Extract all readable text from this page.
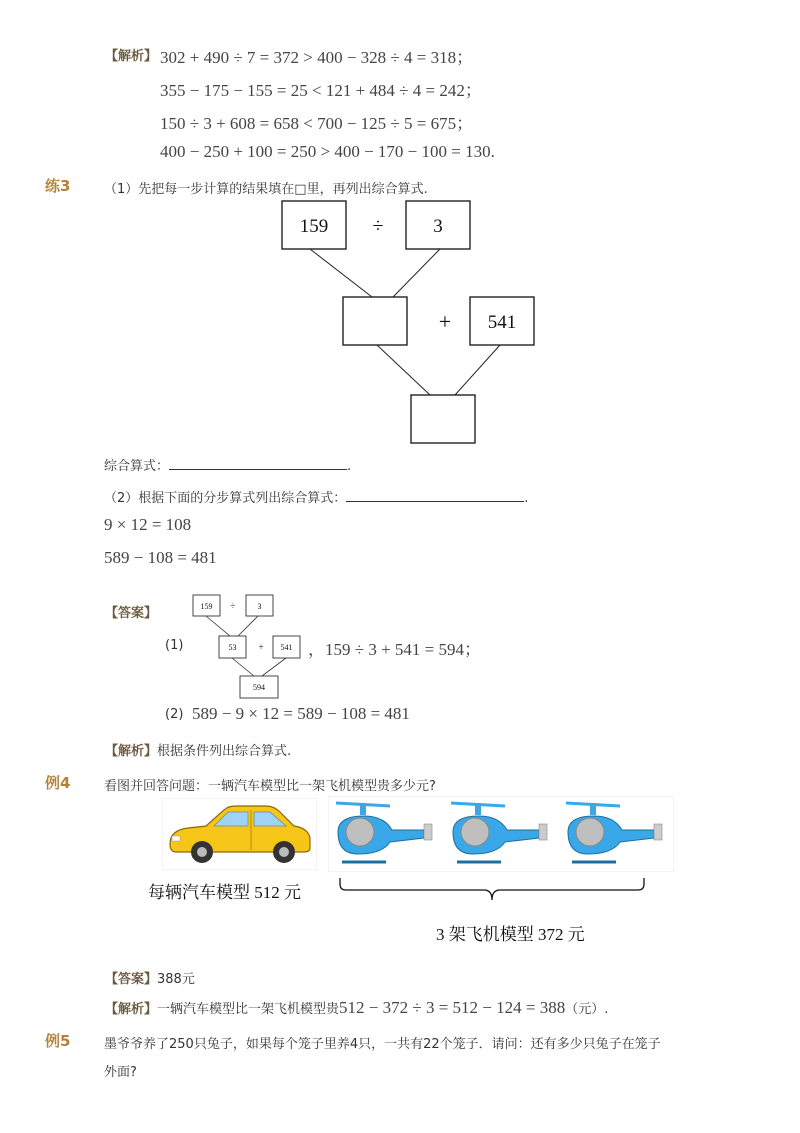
【解析】 302 + 490 ÷ 7 = 372 > 400 − 328 ÷ 4 = 318；
355 − 175 − 155 = 25 < 121 + 484 ÷ 4 = 242；
150 ÷ 3 + 608 = 658 < 700 − 125 ÷ 5 = 675；
400 − 250 + 100 = 250 > 400 − 170 − 100 = 130.
练3	（1）先把每一步计算的结果填在□里，再列出综合算式.
159 ÷	3
+ 541
综合算式：	.
（2）根据下面的分步算式列出综合算式：	.
9 × 12 = 108
589 − 108 = 481
【答案】	159 ÷	3
53 + 541
594
(1)	，159 ÷ 3 + 541 = 594；
(2) 589 − 9 × 12 = 589 − 108 = 481
【解析】 根据条件列出综合算式.
例4	看图并回答问题：一辆汽车模型比一架飞机模型贵多少元?
每辆汽车模型 512 元
3 架飞机模型 372 元
【答案】 388元
【解析】一辆汽车模型比一架飞机模型贵512 − 372 ÷ 3 = 512 − 124 = 388（元）.
例5	墨爷爷养了250只兔子，如果每个笼子里养4只，一共有22个笼子．请问：还有多少只兔子在笼子
外面?
